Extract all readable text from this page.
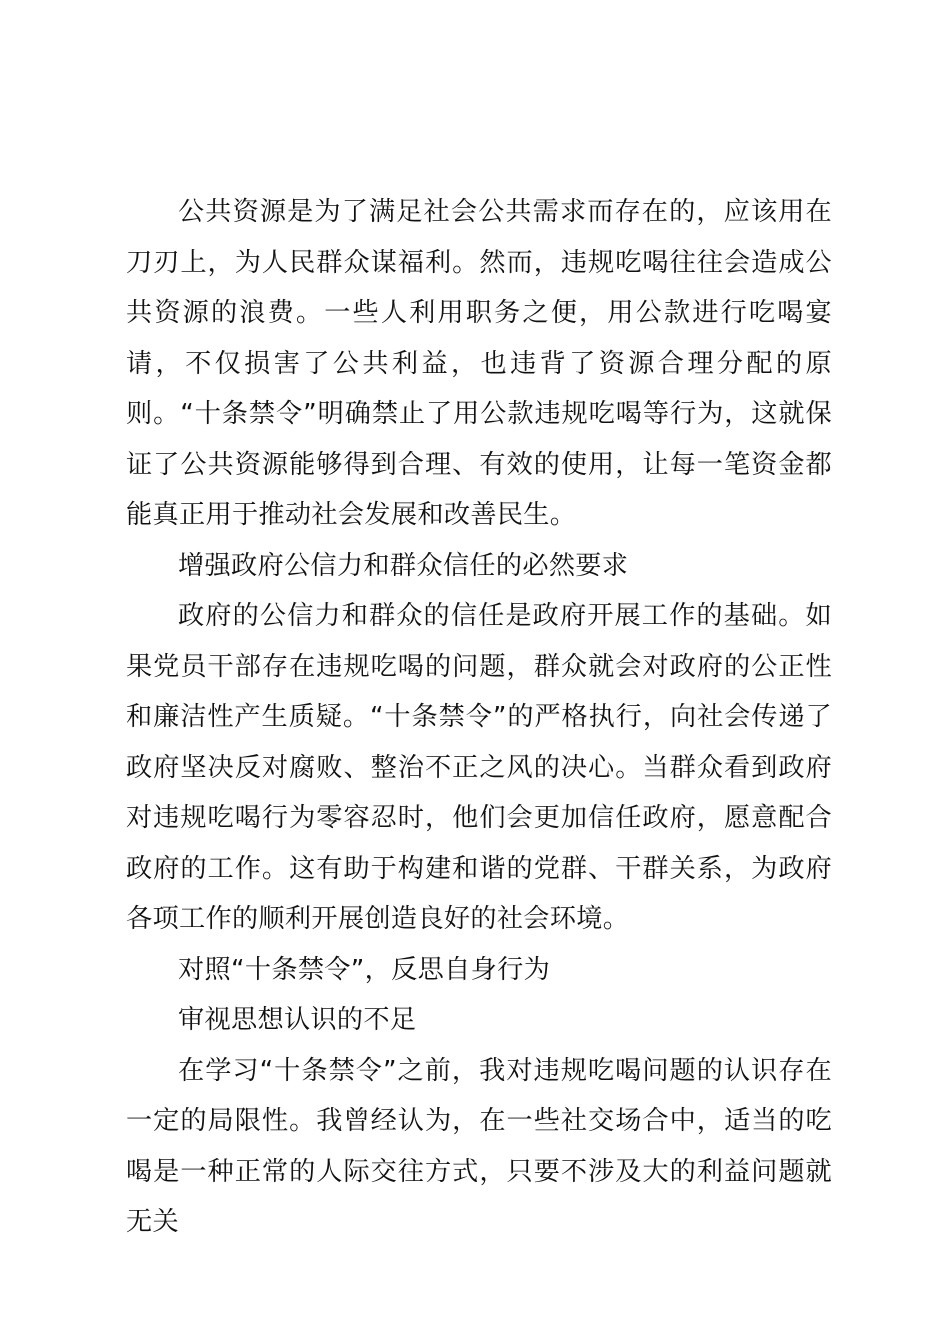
公共资源是为了满足社会公共需求而存在的，应该用在刀刃上，为人民群众谋福利。然而，违规吃喝往往会造成公共资源的浪费。一些人利用职务之便，用公款进行吃喝宴请，不仅损害了公共利益，也违背了资源合理分配的原则。“十条禁令”明确禁止了用公款违规吃喝等行为，这就保证了公共资源能够得到合理、有效的使用，让每一笔资金都能真正用于推动社会发展和改善民生。

增强政府公信力和群众信任的必然要求

政府的公信力和群众的信任是政府开展工作的基础。如果党员干部存在违规吃喝的问题，群众就会对政府的公正性和廉洁性产生质疑。“十条禁令”的严格执行，向社会传递了政府坚决反对腐败、整治不正之风的决心。当群众看到政府对违规吃喝行为零容忍时，他们会更加信任政府，愿意配合政府的工作。这有助于构建和谐的党群、干群关系，为政府各项工作的顺利开展创造良好的社会环境。

对照“十条禁令”，反思自身行为

审视思想认识的不足

在学习“十条禁令”之前，我对违规吃喝问题的认识存在一定的局限性。我曾经认为，在一些社交场合中，适当的吃喝是一种正常的人际交往方式，只要不涉及大的利益问题就无关
